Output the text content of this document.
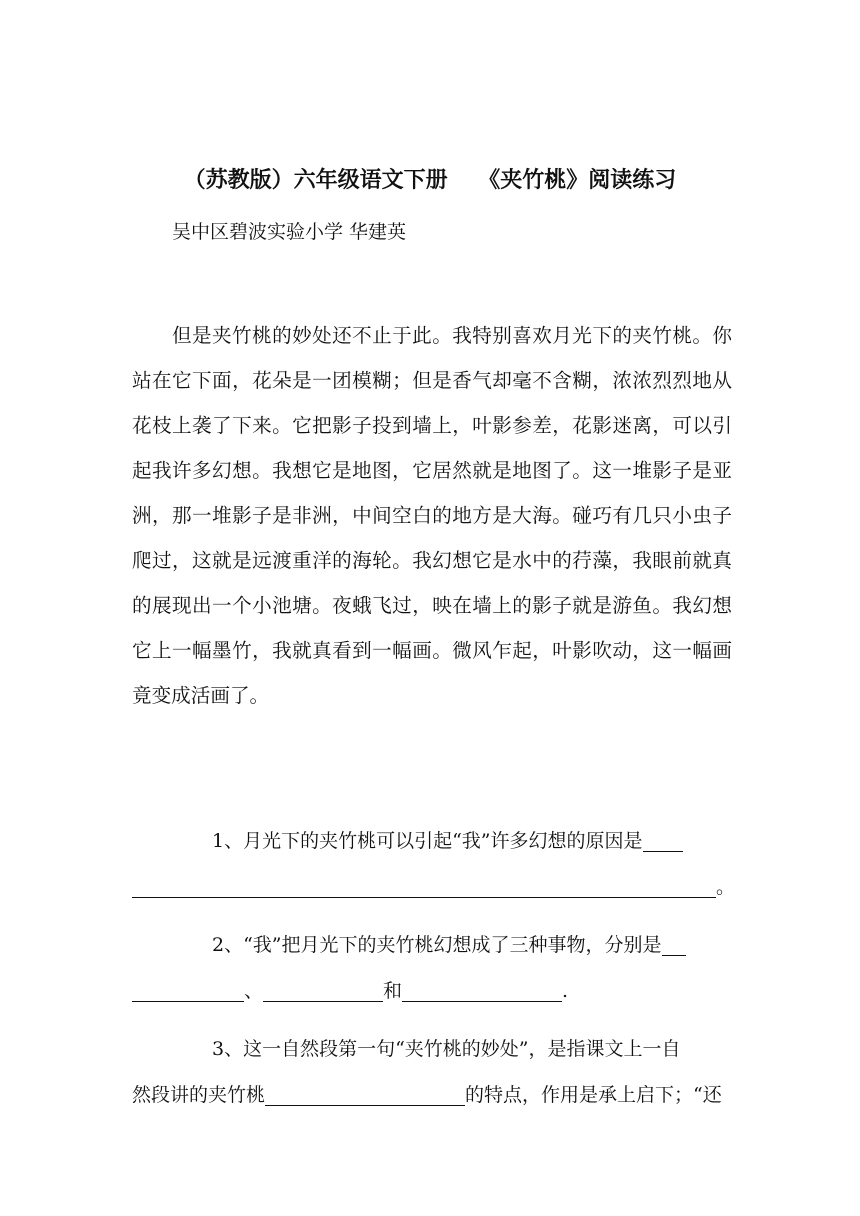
（苏教版）六年级语文下册    《夹竹桃》阅读练习
吴中区碧波实验小学 华建英
但是夹竹桃的妙处还不止于此。我特别喜欢月光下的夹竹桃。你
站在它下面，花朵是一团模糊；但是香气却毫不含糊，浓浓烈烈地从
花枝上袭了下来。它把影子投到墙上，叶影参差，花影迷离，可以引
起我许多幻想。我想它是地图，它居然就是地图了。这一堆影子是亚
洲，那一堆影子是非洲，中间空白的地方是大海。碰巧有几只小虫子
爬过，这就是远渡重洋的海轮。我幻想它是水中的荇藻，我眼前就真
的展现出一个小池塘。夜蛾飞过，映在墙上的影子就是游鱼。我幻想
它上一幅墨竹，我就真看到一幅画。微风乍起，叶影吹动，这一幅画
竟变成活画了。
1、月光下的夹竹桃可以引起“我”许多幻想的原因是
。
2、“我”把月光下的夹竹桃幻想成了三种事物，分别是
、	和	.
3、这一自然段第一句“夹竹桃的妙处”，是指课文上一自
然段讲的夹竹桃	的特点，作用是承上启下；“还
